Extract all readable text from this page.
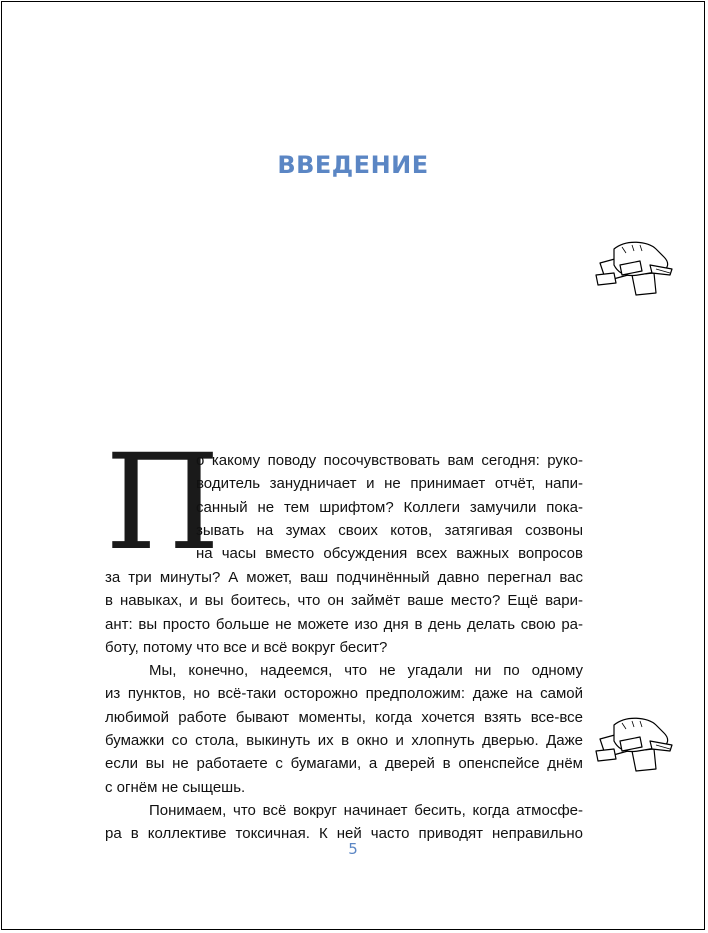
ВВЕДЕНИЕ
П
о какому поводу посочувствовать вам сегодня: руко-
водитель занудничает и не принимает отчёт, напи-
санный не тем шрифтом? Коллеги замучили пока-
зывать на зумах своих котов, затягивая созвоны
на часы вместо обсуждения всех важных вопросов
за три минуты? А может, ваш подчинённый давно перегнал вас
в навыках, и вы боитесь, что он займёт ваше место? Ещё вари-
ант: вы просто больше не можете изо дня в день делать свою ра-
боту, потому что все и всё вокруг бесит?
Мы, конечно, надеемся, что не угадали ни по одному
из пунктов, но всё-таки осторожно предположим: даже на самой
любимой работе бывают моменты, когда хочется взять все-все
бумажки со стола, выкинуть их в окно и хлопнуть дверью. Даже
если вы не работаете с бумагами, а дверей в опенспейсе днём
с огнём не сыщешь.
Понимаем, что всё вокруг начинает бесить, когда атмосфе-
ра в коллективе токсичная. К ней часто приводят неправильно
5
